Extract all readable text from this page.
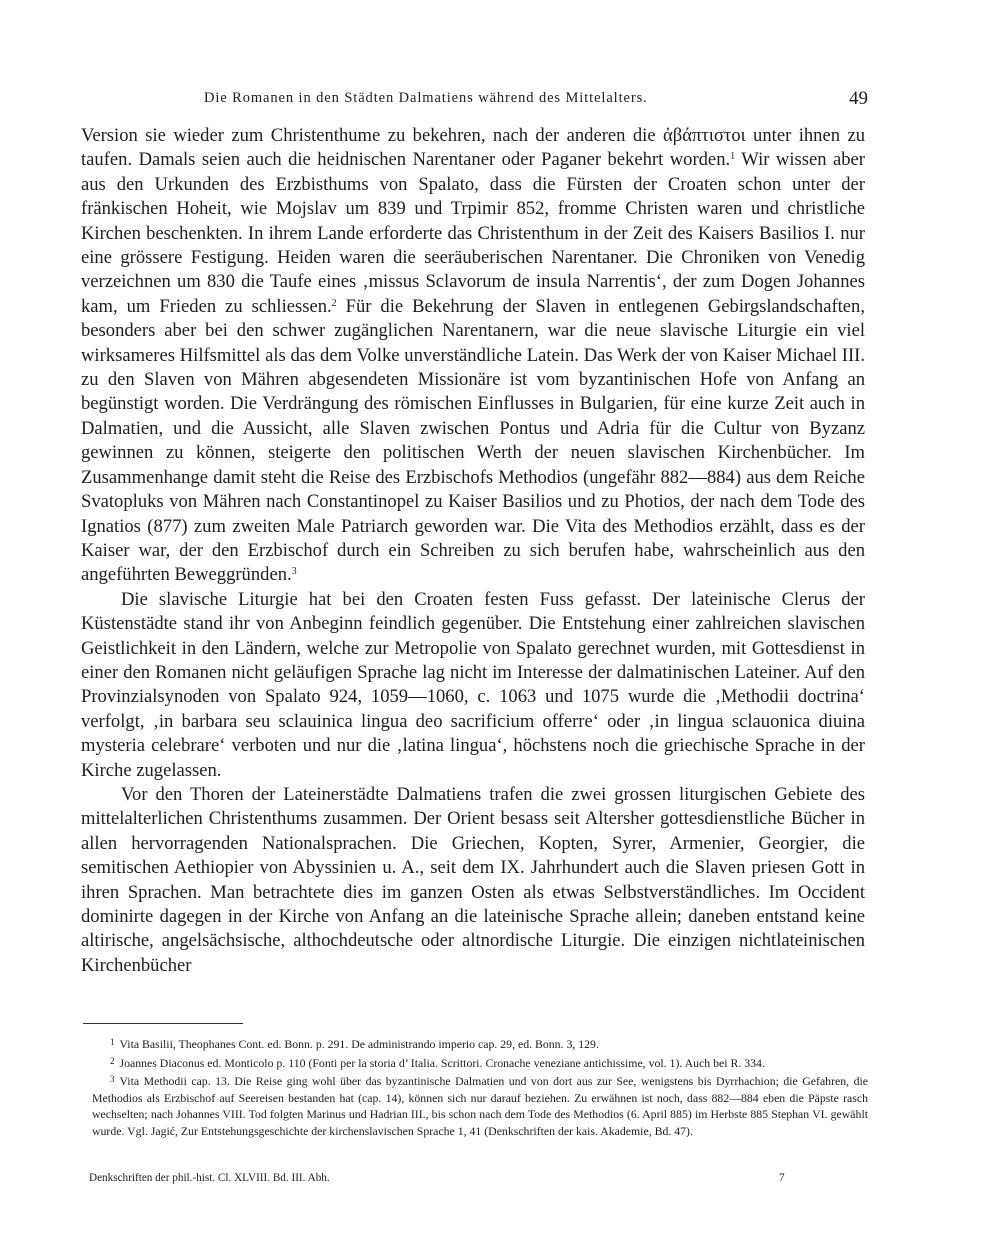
Die Romanen in den Städten Dalmatiens während des Mittelalters.	49

Version sie wieder zum Christenthume zu bekehren, nach der anderen die ἀβάπτιστοι unter ihnen zu taufen. Damals seien auch die heidnischen Narentaner oder Paganer bekehrt worden.$^1$ Wir wissen aber aus den Urkunden des Erzbisthums von Spalato, dass die Fürsten der Croaten schon unter der fränkischen Hoheit, wie Mojslav um 839 und Trpimir 852, fromme Christen waren und christliche Kirchen beschenkten. In ihrem Lande erforderte das Christenthum in der Zeit des Kaisers Basilios I. nur eine grössere Festigung. Heiden waren die seeräuberischen Narentaner. Die Chroniken von Venedig verzeichnen um 830 die Taufe eines ‚missus Sclavorum de insula Narrentis‘, der zum Dogen Johannes kam, um Frieden zu schliessen.$^2$ Für die Bekehrung der Slaven in entlegenen Gebirgslandschaften, besonders aber bei den schwer zugänglichen Narentanern, war die neue slavische Liturgie ein viel wirksameres Hilfsmittel als das dem Volke unverständliche Latein. Das Werk der von Kaiser Michael III. zu den Slaven von Mähren abgesendeten Missionäre ist vom byzantinischen Hofe von Anfang an begünstigt worden. Die Verdrängung des römischen Einflusses in Bulgarien, für eine kurze Zeit auch in Dalmatien, und die Aussicht, alle Slaven zwischen Pontus und Adria für die Cultur von Byzanz gewinnen zu können, steigerte den politischen Werth der neuen slavischen Kirchenbücher. Im Zusammenhange damit steht die Reise des Erzbischofs Methodios (ungefähr 882—884) aus dem Reiche Svatopluks von Mähren nach Constantinopel zu Kaiser Basilios und zu Photios, der nach dem Tode des Ignatios (877) zum zweiten Male Patriarch geworden war. Die Vita des Methodios erzählt, dass es der Kaiser war, der den Erzbischof durch ein Schreiben zu sich berufen habe, wahrscheinlich aus den angeführten Beweggründen.$^3$

Die slavische Liturgie hat bei den Croaten festen Fuss gefasst. Der lateinische Clerus der Küstenstädte stand ihr von Anbeginn feindlich gegenüber. Die Entstehung einer zahlreichen slavischen Geistlichkeit in den Ländern, welche zur Metropolie von Spalato gerechnet wurden, mit Gottesdienst in einer den Romanen nicht geläufigen Sprache lag nicht im Interesse der dalmatinischen Lateiner. Auf den Provinzialsynoden von Spalato 924, 1059—1060, c. 1063 und 1075 wurde die ‚Methodii doctrina‘ verfolgt, ‚in barbara seu sclauinica lingua deo sacrificium offerre‘ oder ‚in lingua sclauonica diuina mysteria celebrare‘ verboten und nur die ‚latina lingua‘, höchstens noch die griechische Sprache in der Kirche zugelassen.

Vor den Thoren der Lateinerstädte Dalmatiens trafen die zwei grossen liturgischen Gebiete des mittelalterlichen Christenthums zusammen. Der Orient besass seit Altersher gottesdienstliche Bücher in allen hervorragenden Nationalsprachen. Die Griechen, Kopten, Syrer, Armenier, Georgier, die semitischen Aethiopier von Abyssinien u. A., seit dem IX. Jahrhundert auch die Slaven priesen Gott in ihren Sprachen. Man betrachtete dies im ganzen Osten als etwas Selbstverständliches. Im Occident dominirte dagegen in der Kirche von Anfang an die lateinische Sprache allein; daneben entstand keine altirische, angelsächsische, althochdeutsche oder altnordische Liturgie. Die einzigen nichtlateinischen Kirchenbücher

$^1$ Vita Basilii, Theophanes Cont. ed. Bonn. p. 291. De administrando imperio cap. 29, ed. Bonn. 3, 129.

$^2$ Joannes Diaconus ed. Monticolo p. 110 (Fonti per la storia d’ Italia. Scrittori. Cronache veneziane antichissime, vol. 1). Auch bei R. 334.

$^3$ Vita Methodii cap. 13. Die Reise ging wohl über das byzantinische Dalmatien und von dort aus zur See, wenigstens bis Dyrrhachion; die Gefahren, die Methodios als Erzbischof auf Seereisen bestanden hat (cap. 14), können sich nur darauf beziehen. Zu erwähnen ist noch, dass 882—884 eben die Päpste rasch wechselten; nach Johannes VIII. Tod folgten Marinus und Hadrian III., bis schon nach dem Tode des Methodios (6. April 885) im Herbste 885 Stephan VI. gewählt wurde. Vgl. Jagić, Zur Entstehungsgeschichte der kirchenslavischen Sprache 1, 41 (Denkschriften der kais. Akademie, Bd. 47).

Denkschriften der phil.-hist. Cl. XLVIII. Bd. III. Abh.	7
